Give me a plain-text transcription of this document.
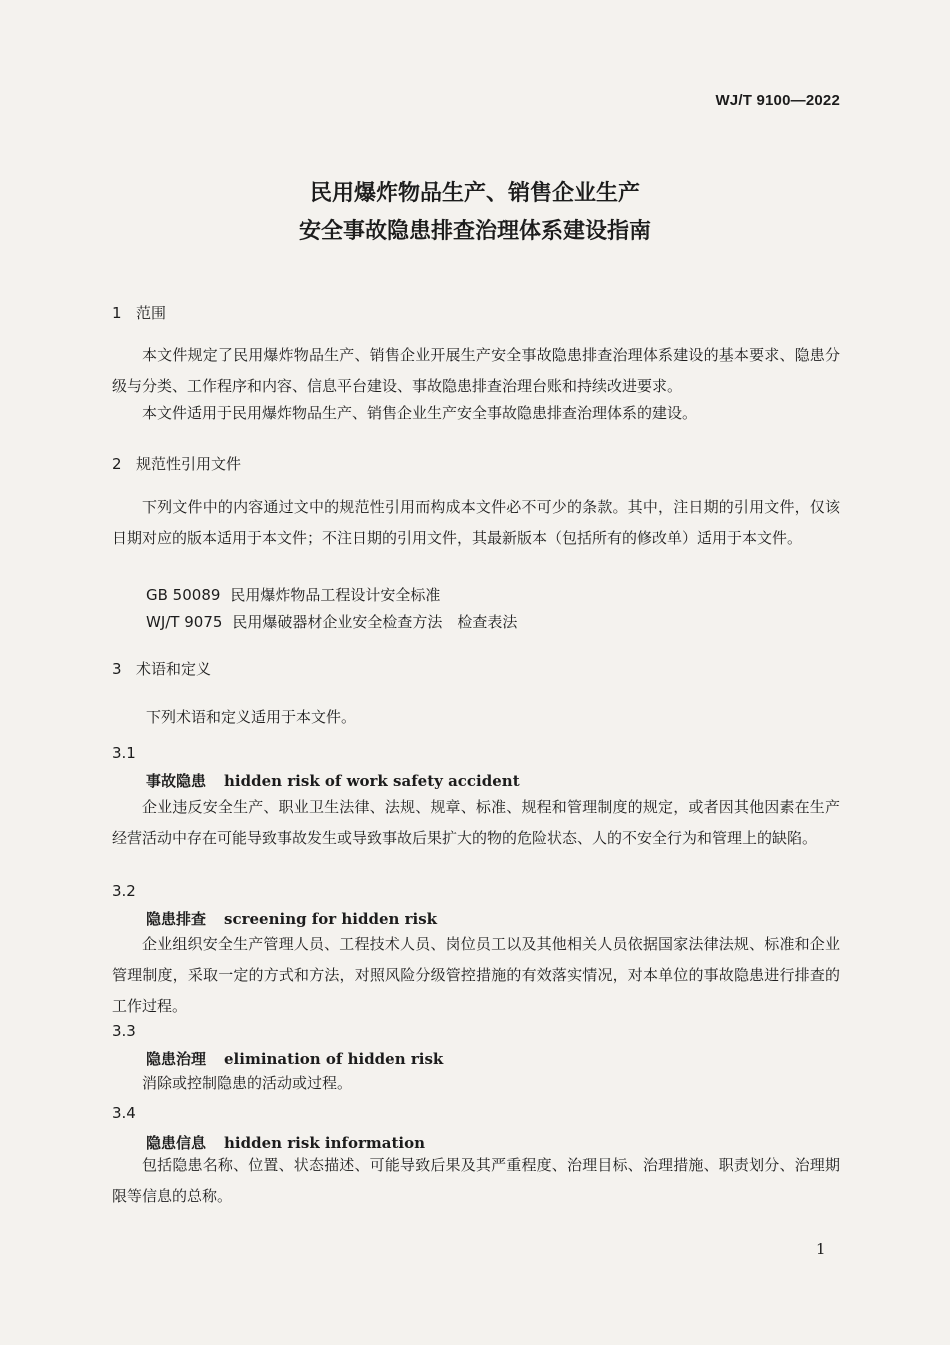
WJ/T 9100—2022
民用爆炸物品生产、销售企业生产
安全事故隐患排查治理体系建设指南
1 范围
本文件规定了民用爆炸物品生产、销售企业开展生产安全事故隐患排查治理体系建设的基本要求、隐患分级与分类、工作程序和内容、信息平台建设、事故隐患排查治理台账和持续改进要求。
本文件适用于民用爆炸物品生产、销售企业生产安全事故隐患排查治理体系的建设。
2 规范性引用文件
下列文件中的内容通过文中的规范性引用而构成本文件必不可少的条款。其中，注日期的引用文件，仅该日期对应的版本适用于本文件；不注日期的引用文件，其最新版本（包括所有的修改单）适用于本文件。
GB 50089 民用爆炸物品工程设计安全标准
WJ/T 9075 民用爆破器材企业安全检查方法　检查表法
3 术语和定义
下列术语和定义适用于本文件。
3.1
事故隐患 hidden risk of work safety accident
企业违反安全生产、职业卫生法律、法规、规章、标准、规程和管理制度的规定，或者因其他因素在生产经营活动中存在可能导致事故发生或导致事故后果扩大的物的危险状态、人的不安全行为和管理上的缺陷。
3.2
隐患排查 screening for hidden risk
企业组织安全生产管理人员、工程技术人员、岗位员工以及其他相关人员依据国家法律法规、标准和企业管理制度，采取一定的方式和方法，对照风险分级管控措施的有效落实情况，对本单位的事故隐患进行排查的工作过程。
3.3
隐患治理 elimination of hidden risk
消除或控制隐患的活动或过程。
3.4
隐患信息 hidden risk information
包括隐患名称、位置、状态描述、可能导致后果及其严重程度、治理目标、治理措施、职责划分、治理期限等信息的总称。
1
